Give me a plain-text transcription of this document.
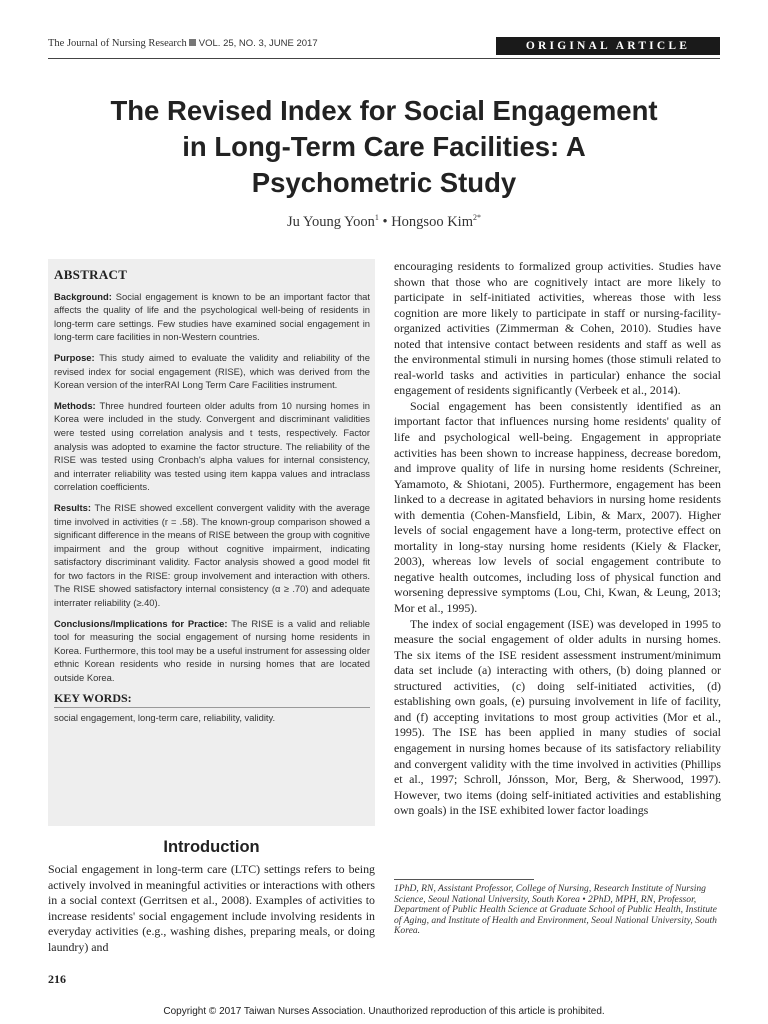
The Journal of Nursing Research VOL. 25, NO. 3, JUNE 2017	ORIGINAL ARTICLE
The Revised Index for Social Engagement
in Long-Term Care Facilities: A
Psychometric Study
Ju Young Yoon$^1$ • Hongsoo Kim$^{2*}$
ABSTRACT

Background: Social engagement is known to be an important factor that affects the quality of life and the psychological well-being of residents in long-term care settings. Few studies have examined social engagement in long-term care facilities in non-Western countries.

Purpose: This study aimed to evaluate the validity and reliability of the revised index for social engagement (RISE), which was derived from the Korean version of the interRAI Long Term Care Facilities instrument.

Methods: Three hundred fourteen older adults from 10 nursing homes in Korea were included in the study. Convergent and discriminant validities were tested using correlation analysis and t tests, respectively. Factor analysis was adopted to examine the factor structure. The reliability of the RISE was tested using Cronbach's alpha values for internal consistency, and interrater reliability was tested using item kappa values and intraclass correlation coefficients.

Results: The RISE showed excellent convergent validity with the average time involved in activities (r = .58). The known-group comparison showed a significant difference in the means of RISE between the group with cognitive impairment and the group without cognitive impairment, indicating satisfactory discriminant validity. Factor analysis showed a good model fit for two factors in the RISE: group involvement and interaction with others. The RISE showed satisfactory internal consistency (α ≥ .70) and adequate interrater reliability (≥.40).

Conclusions/Implications for Practice: The RISE is a valid and reliable tool for measuring the social engagement of nursing home residents in Korea. Furthermore, this tool may be a useful instrument for assessing older ethnic Korean residents who reside in nursing homes that are located outside Korea.

KEY WORDS:
social engagement, long-term care, reliability, validity.
Introduction

Social engagement in long-term care (LTC) settings refers to being actively involved in meaningful activities or interactions with others in a social context (Gerritsen et al., 2008). Examples of activities to increase residents' social engagement include involving residents in everyday activities (e.g., washing dishes, preparing meals, or doing laundry) and

encouraging residents to formalized group activities. Studies have shown that those who are cognitively intact are more likely to participate in self-initiated activities, whereas those with less cognition are more likely to participate in staff or nursing-facility-organized activities (Zimmerman & Cohen, 2010). Studies have noted that intensive contact between residents and staff as well as the environmental stimuli in nursing homes (those stimuli related to real-world tasks and activities in particular) enhance the social engagement of residents significantly (Verbeek et al., 2014).

Social engagement has been consistently identified as an important factor that influences nursing home residents' quality of life and psychological well-being. Engagement in appropriate activities has been shown to increase happiness, decrease boredom, and improve quality of life in nursing home residents (Schreiner, Yamamoto, & Shiotani, 2005). Furthermore, engagement has been linked to a decrease in agitated behaviors in nursing home residents with dementia (Cohen-Mansfield, Libin, & Marx, 2007). Higher levels of social engagement have a long-term, protective effect on mortality in long-stay nursing home residents (Kiely & Flacker, 2003), whereas low levels of social engagement contribute to negative health outcomes, including loss of physical function and worsening depressive symptoms (Lou, Chi, Kwan, & Leung, 2013; Mor et al., 1995).

The index of social engagement (ISE) was developed in 1995 to measure the social engagement of older adults in nursing homes. The six items of the ISE resident assessment instrument/minimum data set include (a) interacting with others, (b) doing planned or structured activities, (c) doing self-initiated activities, (d) establishing own goals, (e) pursuing involvement in life of facility, and (f) accepting invitations to most group activities (Mor et al., 1995). The ISE has been applied in many studies of social engagement in nursing homes because of its satisfactory reliability and convergent validity with the time involved in activities (Phillips et al., 1997; Schroll, Jónsson, Mor, Berg, & Sherwood, 1997). However, two items (doing self-initiated activities and establishing own goals) in the ISE exhibited lower factor loadings

1PhD, RN, Assistant Professor, College of Nursing, Research Institute of Nursing Science, Seoul National University, South Korea • 2PhD, MPH, RN, Professor, Department of Public Health Science at Graduate School of Public Health, Institute of Aging, and Institute of Health and Environment, Seoul National University, South Korea.
216
Copyright © 2017 Taiwan Nurses Association. Unauthorized reproduction of this article is prohibited.
